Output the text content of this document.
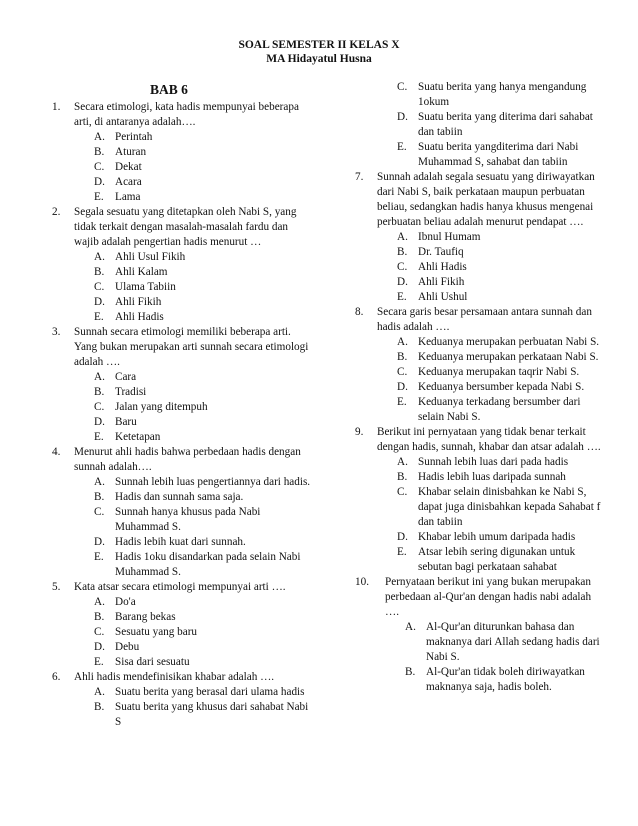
SOAL SEMESTER II KELAS X
MA Hidayatul Husna
BAB 6
1.	Secara etimologi, kata hadis mempunyai beberapa arti, di antaranya adalah….

A. Perintah
B. Aturan
C. Dekat
D. Acara
E.	Lama
2.	Segala sesuatu yang ditetapkan oleh Nabi S, yang tidak terkait dengan masalah-masalah fardu dan wajib adalah pengertian hadis menurut …

A. Ahli Usul Fikih
B. Ahli Kalam
C. Ulama Tabiin
D. Ahli Fikih
E.	Ahli Hadis
3.	Sunnah secara etimologi memiliki beberapa arti. Yang bukan merupakan arti sunnah secara etimologi adalah ….

A. Cara
B. Tradisi
C. Jalan yang ditempuh
D. Baru
E.	Ketetapan
4.	Menurut ahli hadis bahwa perbedaan hadis dengan sunnah adalah….

A. Sunnah lebih luas pengertiannya dari hadis.
B. Hadis dan sunnah sama saja.
C. Sunnah hanya khusus pada Nabi Muhammad S.
D. Hadis lebih kuat dari sunnah.
E.	Hadis 1oku disandarkan pada selain Nabi Muhammad S.
5.	Kata atsar secara etimologi mempunyai arti ….

A. Do'a
B. Barang bekas
C. Sesuatu yang baru
D. Debu
E.	Sisa dari sesuatu
6.	Ahli hadis mendefinisikan khabar adalah ….

A. Suatu berita yang berasal dari ulama hadis
B. Suatu berita yang khusus dari sahabat Nabi S
C. Suatu berita yang hanya mengandung 1okum
D. Suatu berita yang diterima dari sahabat dan tabiin
E.	Suatu berita yangditerima dari Nabi Muhammad S, sahabat dan tabiin
7.	Sunnah adalah segala sesuatu yang diriwayatkan dari Nabi S, baik perkataan maupun perbuatan beliau, sedangkan hadis hanya khusus mengenai perbuatan beliau adalah menurut pendapat ….

A. Ibnul Humam
B. Dr. Taufiq
C. Ahli Hadis
D. Ahli Fikih
E.	Ahli Ushul
8.	Secara garis besar persamaan antara sunnah dan hadis adalah ….

A. Keduanya merupakan perbuatan Nabi S.
B. Keduanya merupakan perkataan Nabi S.
C. Keduanya merupakan taqrir Nabi S.
D. Keduanya bersumber kepada Nabi S.
E.	Keduanya terkadang bersumber dari selain Nabi S.
9.	Berikut ini pernyataan yang tidak benar terkait dengan hadis, sunnah, khabar dan atsar adalah ….

A. Sunnah lebih luas dari pada hadis
B. Hadis lebih luas daripada sunnah
C. Khabar selain dinisbahkan ke Nabi S, dapat juga dinisbahkan kepada Sahabat f dan tabiin
D. Khabar lebih umum daripada hadis
E.	Atsar lebih sering digunakan untuk sebutan bagi perkataan sahabat
10.	Pernyataan berikut ini yang bukan merupakan perbedaan al-Qur'an dengan hadis nabi adalah ….

A. Al-Qur'an diturunkan bahasa dan maknanya dari Allah sedang hadis dari Nabi S.
B. Al-Qur'an tidak boleh diriwayatkan maknanya saja, hadis boleh.
